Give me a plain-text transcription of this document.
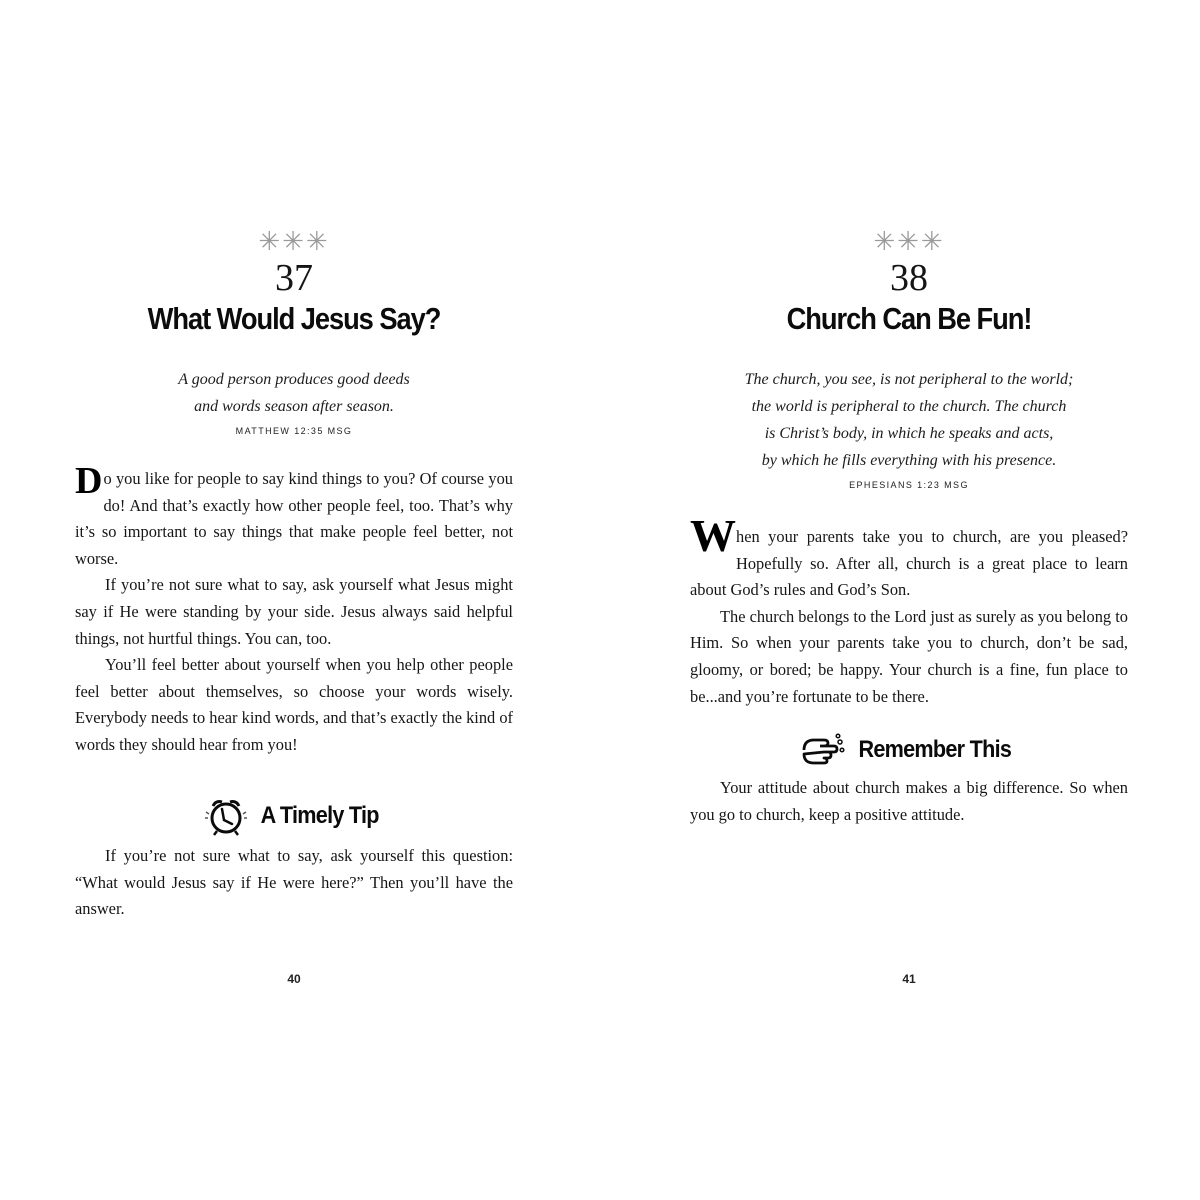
✳✳✳
37
What Would Jesus Say?
A good person produces good deeds
and words season after season.
MATTHEW 12:35 MSG

Do you like for people to say kind things to you? Of course you do! And that’s exactly how other people feel, too. That’s why it’s so important to say things that make people feel better, not worse.

If you’re not sure what to say, ask yourself what Jesus might say if He were standing by your side. Jesus always said helpful things, not hurtful things. You can, too.

You’ll feel better about yourself when you help other people feel better about themselves, so choose your words wisely. Everybody needs to hear kind words, and that’s exactly the kind of words they should hear from you!

A Timely Tip

If you’re not sure what to say, ask yourself this question: “What would Jesus say if He were here?” Then you’ll have the answer.

40
✳✳✳
38
Church Can Be Fun!
The church, you see, is not peripheral to the world;
the world is peripheral to the church. The church
is Christ’s body, in which he speaks and acts,
by which he fills everything with his presence.
EPHESIANS 1:23 MSG

When your parents take you to church, are you pleased? Hopefully so. After all, church is a great place to learn about God’s rules and God’s Son.

The church belongs to the Lord just as surely as you belong to Him. So when your parents take you to church, don’t be sad, gloomy, or bored; be happy. Your church is a fine, fun place to be...and you’re fortunate to be there.

Remember This

Your attitude about church makes a big difference. So when you go to church, keep a positive attitude.

41
